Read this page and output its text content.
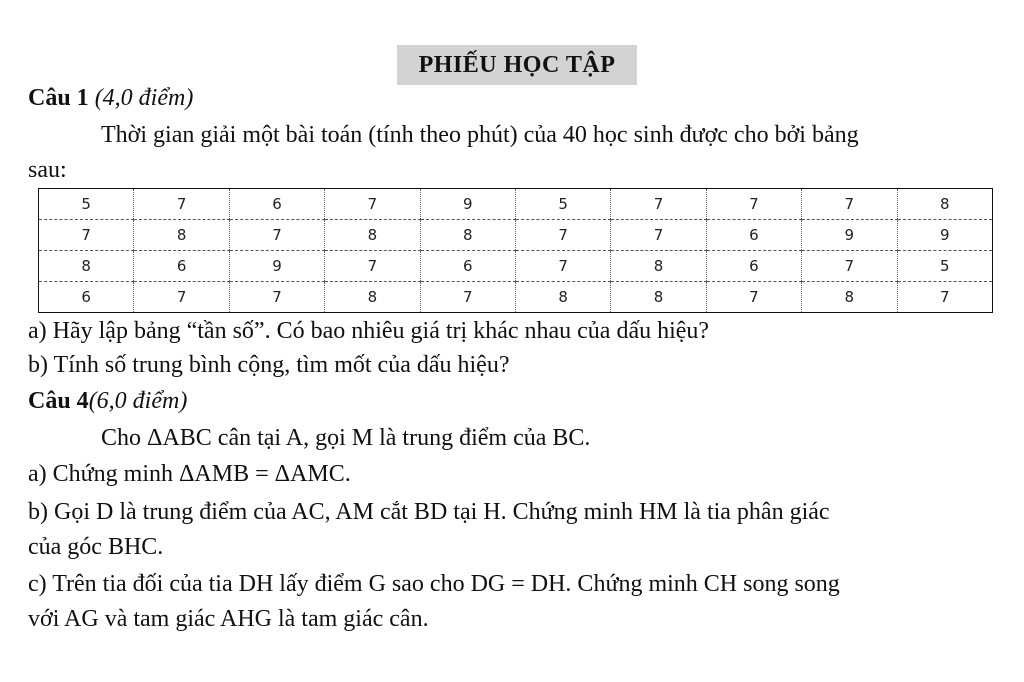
PHIẾU HỌC TẬP
Câu 1 (4,0 điểm)
Thời gian giải một bài toán (tính theo phút) của 40 học sinh được cho bởi bảng
sau:
5	7	6	7	9	5	7	7	7	8
7	8	7	8	8	7	7	6	9	9
8	6	9	7	6	7	8	6	7	5
6	7	7	8	7	8	8	7	8	7
a) Hãy lập bảng “tần số”. Có bao nhiêu giá trị khác nhau của dấu hiệu?
b) Tính số trung bình cộng, tìm mốt của dấu hiệu?
Câu 4(6,0 điểm)
Cho ΔABC cân tại A, gọi M là trung điểm của BC.
a) Chứng minh ΔAMB = ΔAMC.
b) Gọi D là trung điểm của AC, AM cắt BD tại H. Chứng minh HM là tia phân giác
của góc BHC.
c) Trên tia đối của tia DH lấy điểm G sao cho DG = DH. Chứng minh CH song song
với AG và tam giác AHG là tam giác cân.
